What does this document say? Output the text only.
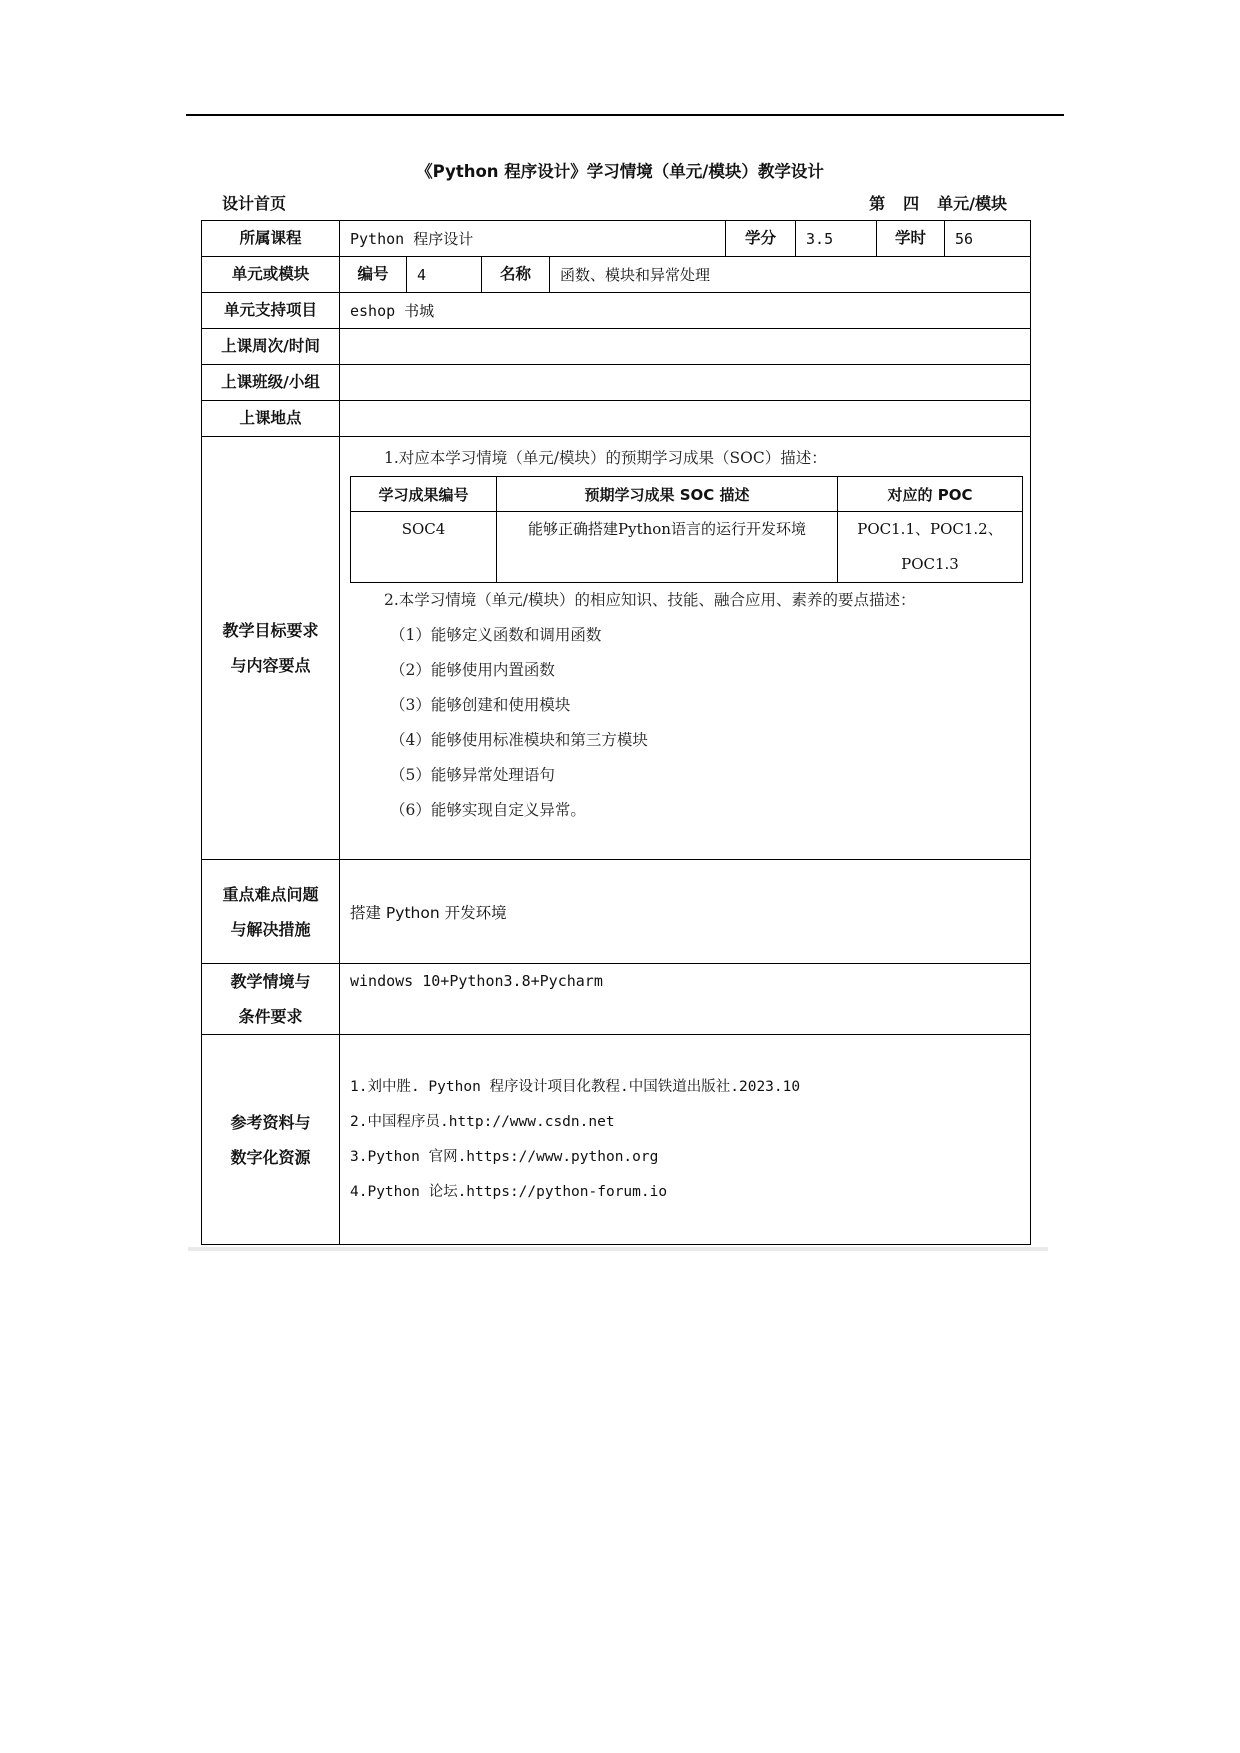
《Python 程序设计》学习情境（单元/模块）教学设计
设计首页	第 四 单元/模块
所属课程	Python 程序设计	学分	3.5	学时	56
单元或模块	编号	4	名称	函数、模块和异常处理
单元支持项目	eshop 书城
上课周次/时间	
上课班级/小组	
上课地点	

教学目标要求
与内容要点

1.对应本学习情境（单元/模块）的预期学习成果（SOC）描述：
学习成果编号	预期学习成果 SOC 描述	对应的 POC
SOC4	能够正确搭建Python语言的运行开发环境	POC1.1、POC1.2、
POC1.3
2.本学习情境（单元/模块）的相应知识、技能、融合应用、素养的要点描述：
（1）能够定义函数和调用函数
（2）能够使用内置函数
（3）能够创建和使用模块
（4）能够使用标准模块和第三方模块
（5）能够异常处理语句
（6）能够实现自定义异常。

重点难点问题
与解决措施
	搭建 Python 开发环境

教学情境与
条件要求
	windows 10+Python3.8+Pycharm

参考资料与
数字化资源

1.刘中胜. Python 程序设计项目化教程.中国铁道出版社.2023.10
2.中国程序员.http://www.csdn.net
3.Python 官网.https://www.python.org
4.Python 论坛.https://python-forum.io
